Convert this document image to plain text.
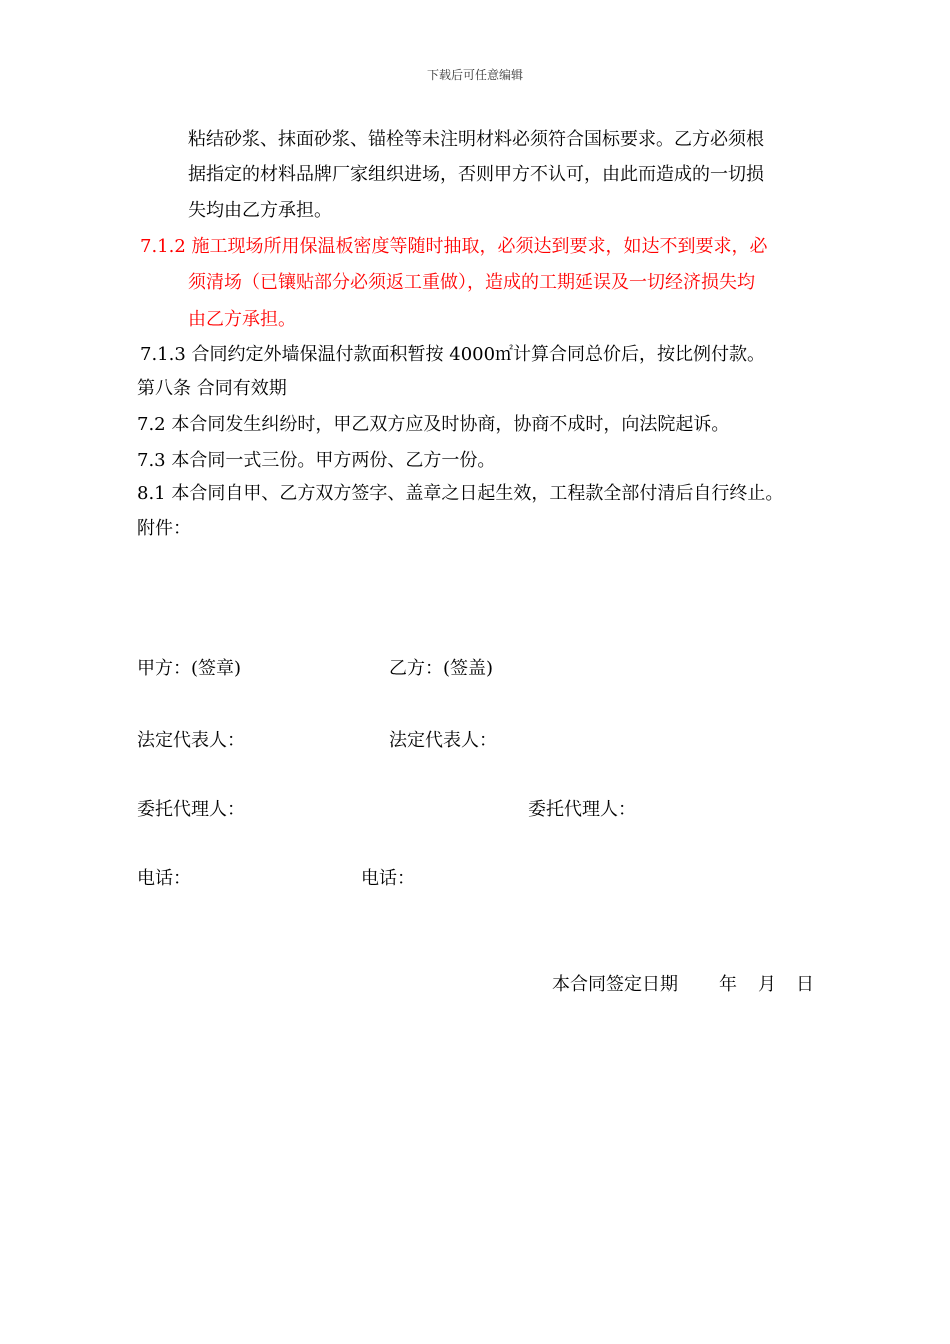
下载后可任意编辑
粘结砂浆、抹面砂浆、锚栓等未注明材料必须符合国标要求。乙方必须根
据指定的材料品牌厂家组织进场，否则甲方不认可，由此而造成的一切损
失均由乙方承担。
7.1.2 施工现场所用保温板密度等随时抽取，必须达到要求，如达不到要求，必
须清场（已镶贴部分必须返工重做），造成的工期延误及一切经济损失均
由乙方承担。
7.1.3 合同约定外墙保温付款面积暂按 4000㎡计算合同总价后，按比例付款。
第八条 合同有效期
7.2 本合同发生纠纷时，甲乙双方应及时协商，协商不成时，向法院起诉。
7.3 本合同一式三份。甲方两份、乙方一份。
8.1 本合同自甲、乙方双方签字、盖章之日起生效，工程款全部付清后自行终止。
附件：
甲方：(签章)	乙方：(签盖)
法定代表人：	法定代表人：
委托代理人：	委托代理人：
电话：	电话：
本合同签定日期 年 月 日
